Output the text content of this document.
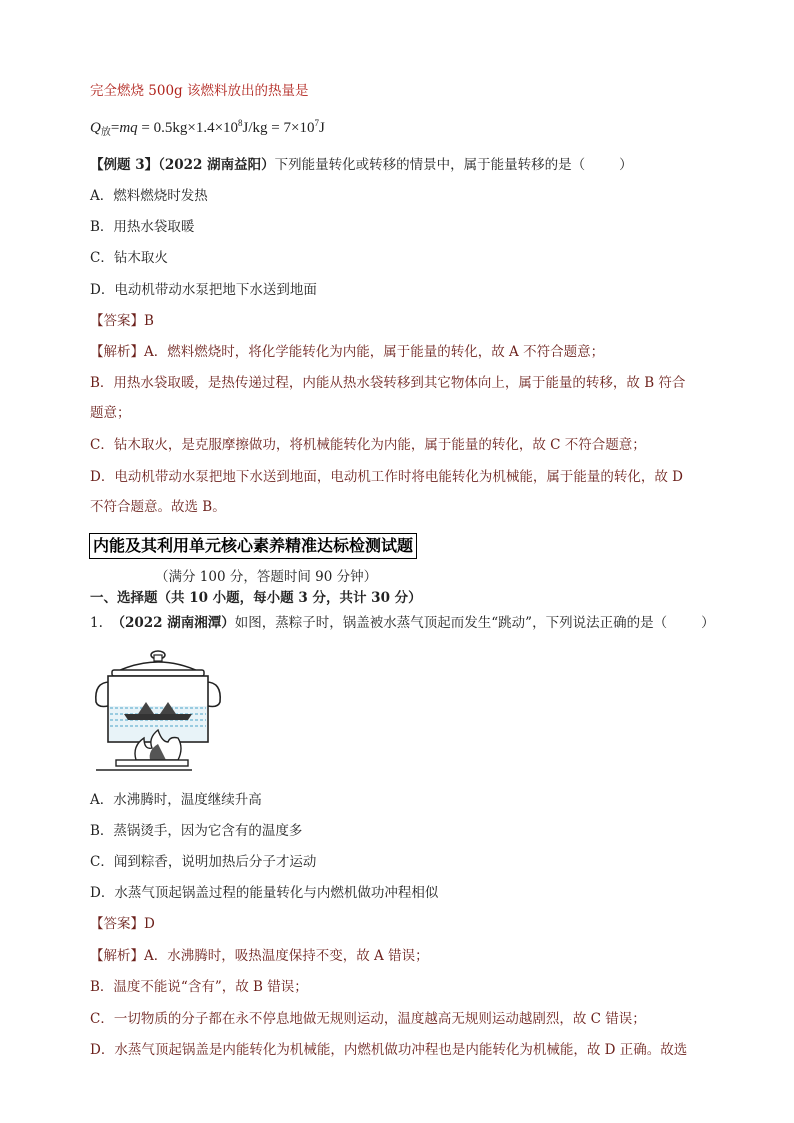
完全燃烧 500g 该燃料放出的热量是
$Q_放=mq = 0.5kg\times 1.4\times 10^8J/kg = 7\times 10^7J$
【例题 3】（2022 湖南益阳）下列能量转化或转移的情景中，属于能量转移的是（	）
A．燃料燃烧时发热
B．用热水袋取暖
C．钻木取火
D．电动机带动水泵把地下水送到地面
【答案】B
【解析】A．燃料燃烧时，将化学能转化为内能，属于能量的转化，故 A 不符合题意；
B．用热水袋取暖，是热传递过程，内能从热水袋转移到其它物体向上，属于能量的转移，故 B 符合
题意；
C．钻木取火，是克服摩擦做功，将机械能转化为内能，属于能量的转化，故 C 不符合题意；
D．电动机带动水泵把地下水送到地面，电动机工作时将电能转化为机械能，属于能量的转化，故 D
不符合题意。故选 B。
内能及其利用单元核心素养精准达标检测试题
（满分 100 分，答题时间 90 分钟）
一、选择题（共 10 小题，每小题 3 分，共计 30 分）
1. （2022 湖南湘潭）如图，蒸粽子时，锅盖被水蒸气顶起而发生“跳动”，下列说法正确的是（	）
A．水沸腾时，温度继续升高
B．蒸锅烫手，因为它含有的温度多
C．闻到粽香，说明加热后分子才运动
D．水蒸气顶起锅盖过程的能量转化与内燃机做功冲程相似
【答案】D
【解析】A．水沸腾时，吸热温度保持不变，故 A 错误；
B．温度不能说“含有”，故 B 错误；
C．一切物质的分子都在永不停息地做无规则运动，温度越高无规则运动越剧烈，故 C 错误；
D．水蒸气顶起锅盖是内能转化为机械能，内燃机做功冲程也是内能转化为机械能，故 D 正确。故选
